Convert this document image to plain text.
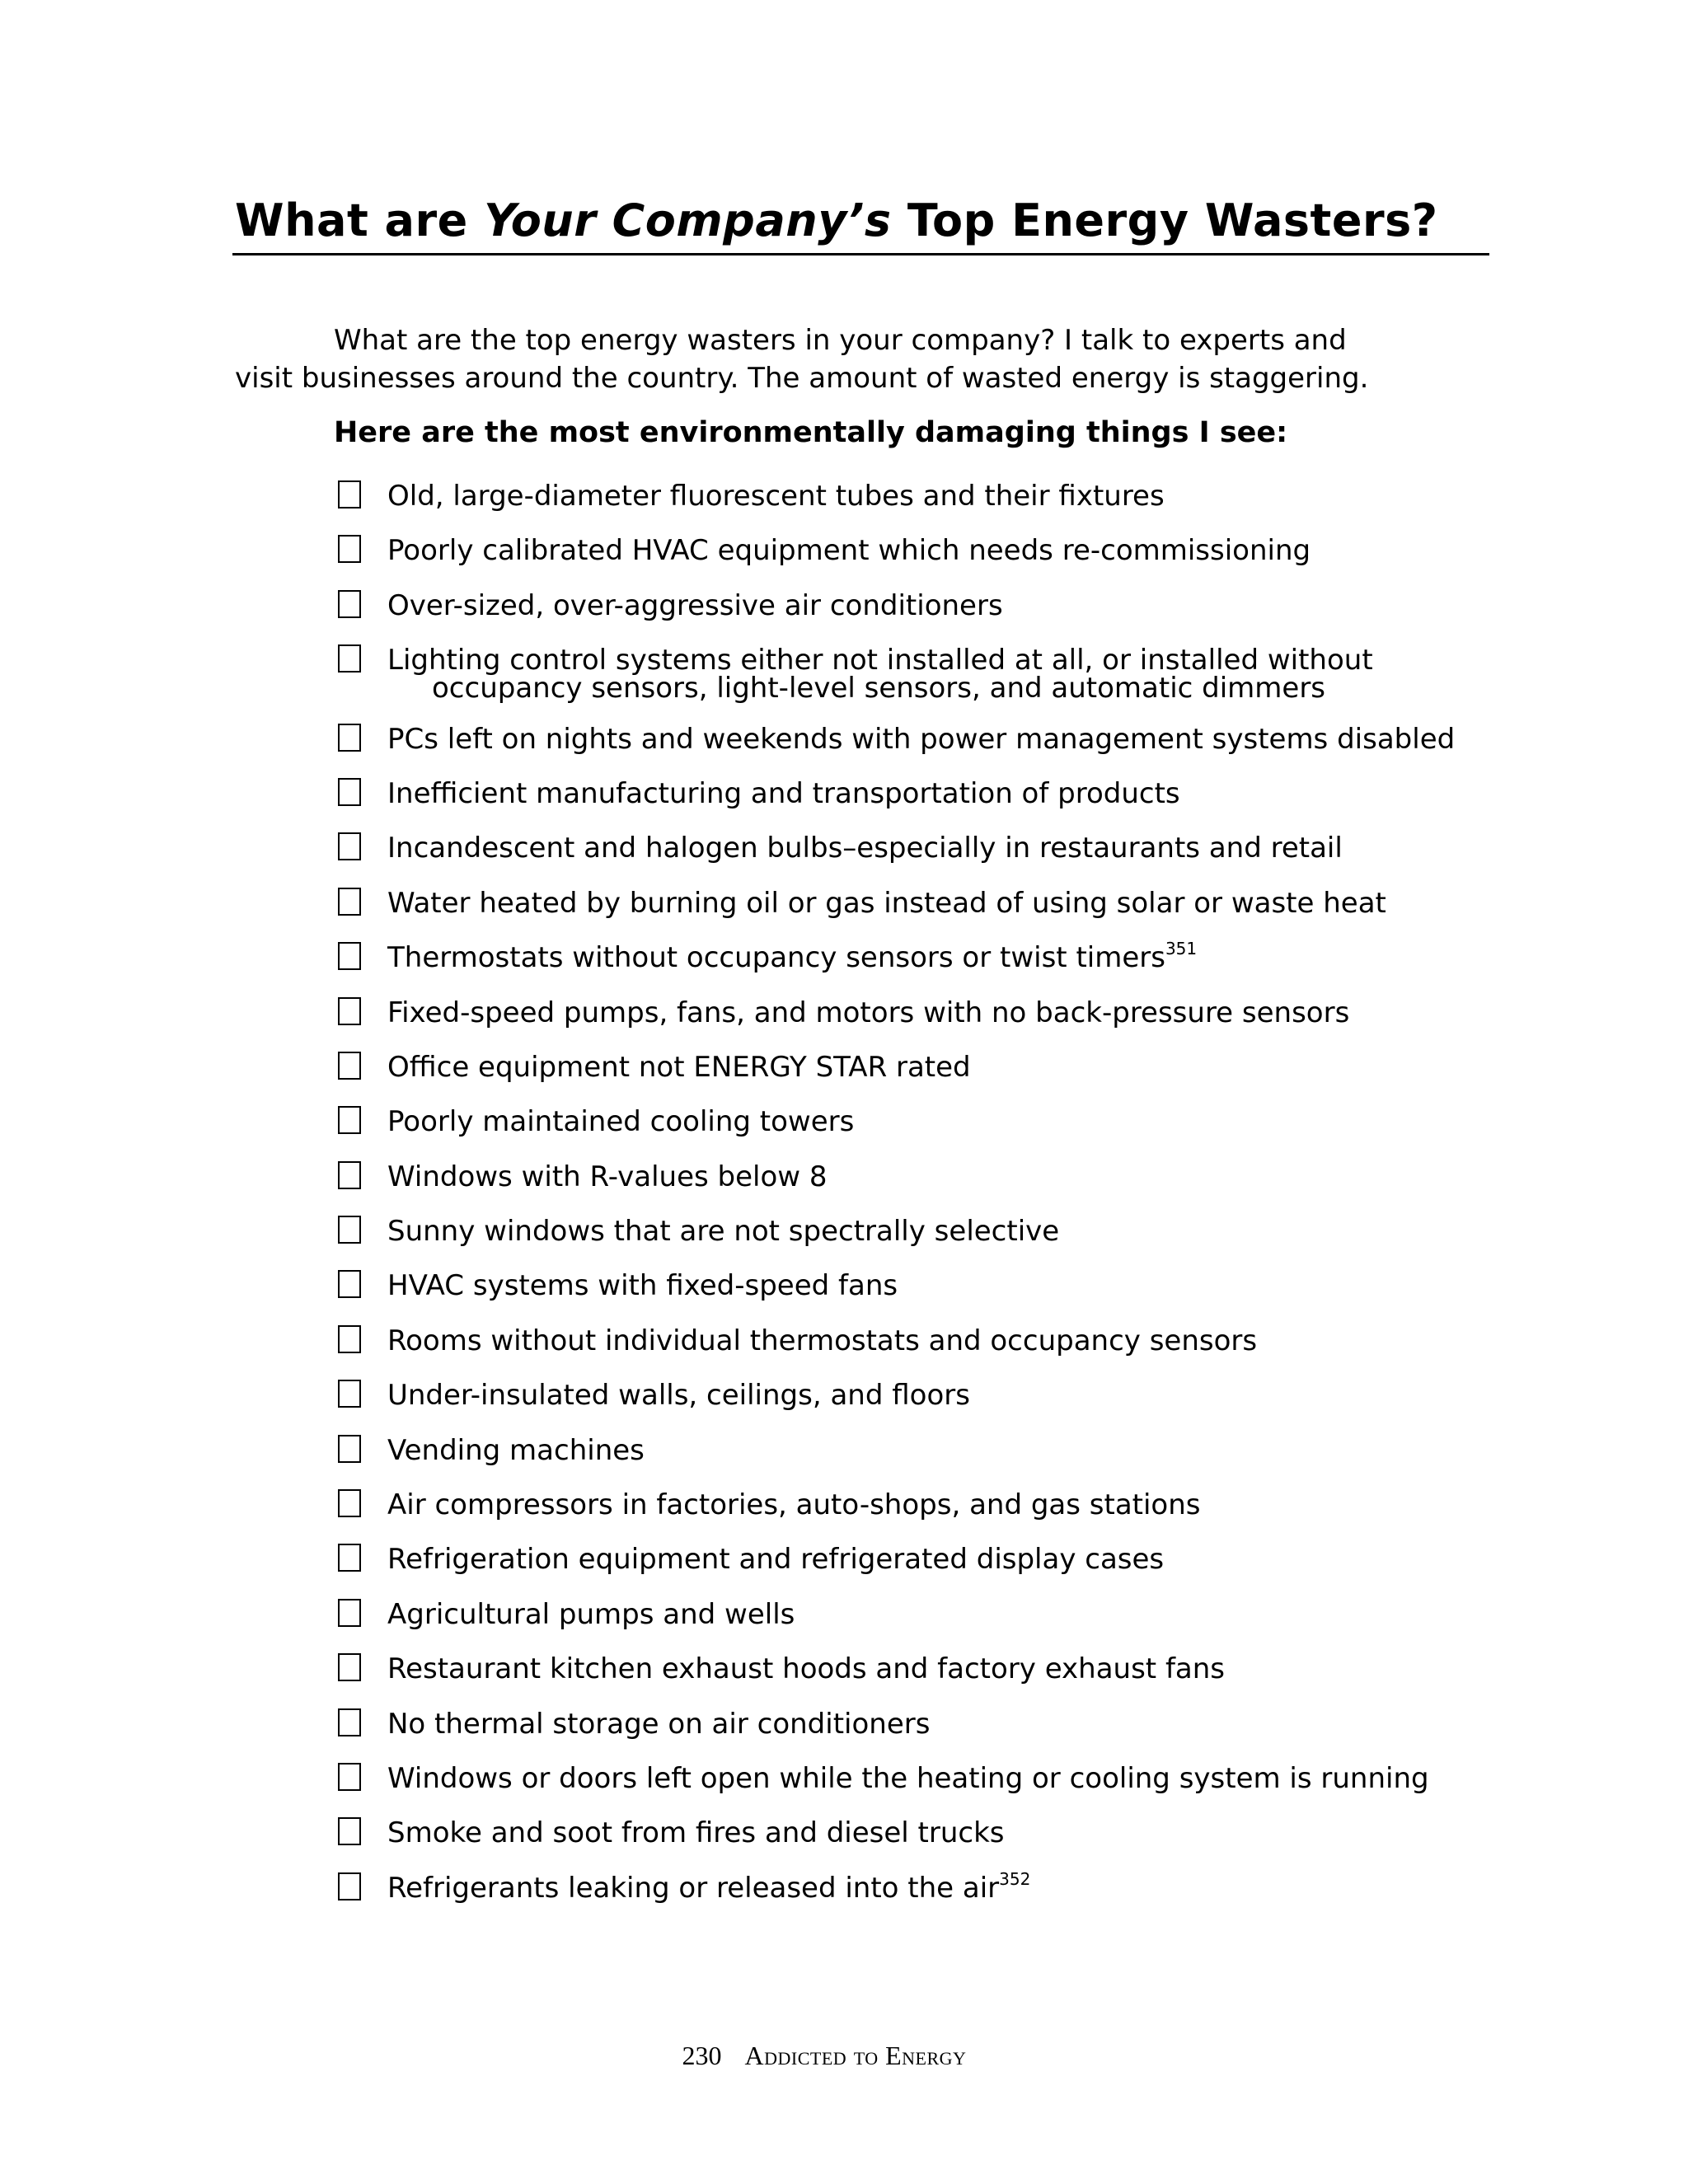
What are Your Company’s Top Energy Wasters?

What are the top energy wasters in your company? I talk to experts and visit businesses around the country. The amount of wasted energy is staggering.

Here are the most environmentally damaging things I see:

Old, large-diameter fluorescent tubes and their fixtures
Poorly calibrated HVAC equipment which needs re-commissioning
Over-sized, over-aggressive air conditioners
Lighting control systems either not installed at all, or installed without
occupancy sensors, light-level sensors, and automatic dimmers
PCs left on nights and weekends with power management systems disabled
Inefficient manufacturing and transportation of products
Incandescent and halogen bulbs–especially in restaurants and retail
Water heated by burning oil or gas instead of using solar or waste heat
Thermostats without occupancy sensors or twist timers$^{351}$
Fixed-speed pumps, fans, and motors with no back-pressure sensors
Office equipment not ENERGY STAR rated
Poorly maintained cooling towers
Windows with R-values below 8
Sunny windows that are not spectrally selective
HVAC systems with fixed-speed fans
Rooms without individual thermostats and occupancy sensors
Under-insulated walls, ceilings, and floors
Vending machines
Air compressors in factories, auto-shops, and gas stations
Refrigeration equipment and refrigerated display cases
Agricultural pumps and wells
Restaurant kitchen exhaust hoods and factory exhaust fans
No thermal storage on air conditioners
Windows or doors left open while the heating or cooling system is running
Smoke and soot from fires and diesel trucks
Refrigerants leaking or released into the air$^{352}$
230 Addicted to Energy
